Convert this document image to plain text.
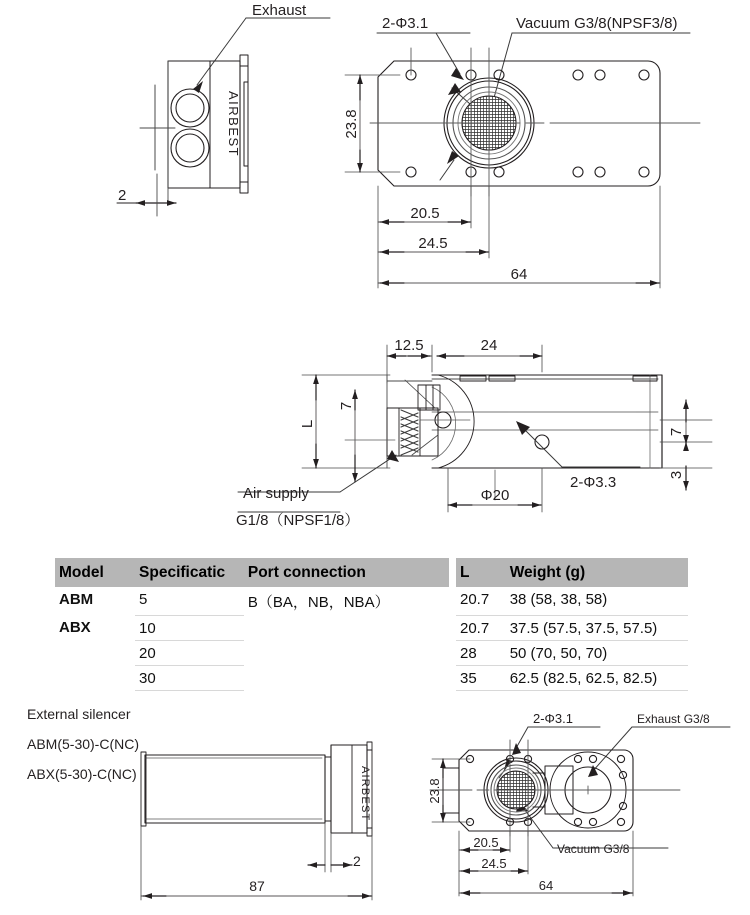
Exhaust
2
AIRBEST
2-Φ3.1	Vacuum G3/8(NPSF3/8)
23.8
20.5
24.5
64
12.5	24
L
7
7
3
Φ20
2-Φ3.3
Air supply
G1/8（NPSF1/8）
External silencer
ABM(5-30)-C(NC)
ABX(5-30)-C(NC)
2
87
AIRBEST
2-Φ3.1	Exhaust G3/8
Vacuum G3/8
23.8
20.5
24.5
64
Model	Specificatic	Port connection		L	Weight (g)
ABM	5	B（BA，NB，NBA）		20.7	38 (58, 38, 58)
ABX	10			20.7	37.5 (57.5, 37.5, 57.5)
	20			28	50 (70, 50, 70)
	30			35	62.5 (82.5, 62.5, 82.5)
